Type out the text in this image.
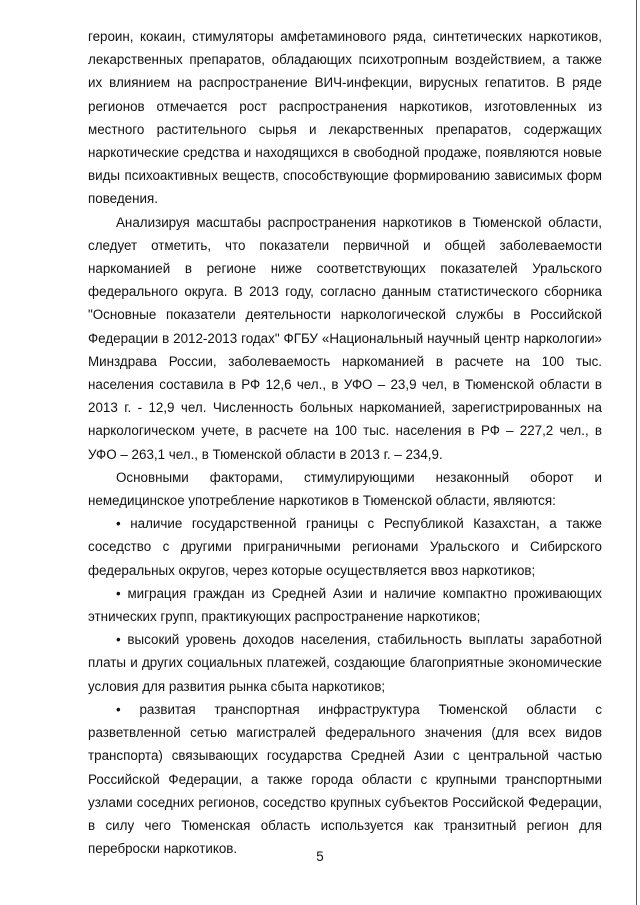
героин, кокаин, стимуляторы амфетаминового ряда, синтетических наркотиков, лекарственных препаратов, обладающих психотропным воздействием, а также их влиянием на распространение ВИЧ-инфекции, вирусных гепатитов. В ряде регионов отмечается рост распространения наркотиков, изготовленных из местного растительного сырья и лекарственных препаратов, содержащих наркотические средства и находящихся в свободной продаже, появляются новые виды психоактивных веществ, способствующие формированию зависимых форм поведения.

Анализируя масштабы распространения наркотиков в Тюменской области, следует отметить, что показатели первичной и общей заболеваемости наркоманией в регионе ниже соответствующих показателей Уральского федерального округа. В 2013 году, согласно данным статистического сборника "Основные показатели деятельности наркологической службы в Российской Федерации в 2012-2013 годах" ФГБУ «Национальный научный центр наркологии» Минздрава России, заболеваемость наркоманией в расчете на 100 тыс. населения составила в РФ 12,6 чел., в УФО – 23,9 чел, в Тюменской области в 2013 г. - 12,9 чел. Численность больных наркоманией, зарегистрированных на наркологическом учете, в расчете на 100 тыс. населения в РФ – 227,2 чел., в УФО – 263,1 чел., в Тюменской области в 2013 г. – 234,9.

Основными факторами, стимулирующими незаконный оборот и немедицинское употребление наркотиков в Тюменской области, являются:

• наличие государственной границы с Республикой Казахстан, а также соседство с другими приграничными регионами Уральского и Сибирского федеральных округов, через которые осуществляется ввоз наркотиков;

• миграция граждан из Средней Азии и наличие компактно проживающих этнических групп, практикующих распространение наркотиков;

• высокий уровень доходов населения, стабильность выплаты заработной платы и других социальных платежей, создающие благоприятные экономические условия для развития рынка сбыта наркотиков;

• развитая транспортная инфраструктура Тюменской области с разветвленной сетью магистралей федерального значения (для всех видов транспорта) связывающих государства Средней Азии с центральной частью Российской Федерации, а также города области с крупными транспортными узлами соседних регионов, соседство крупных субъектов Российской Федерации, в силу чего Тюменская область используется как транзитный регион для переброски наркотиков.

5
